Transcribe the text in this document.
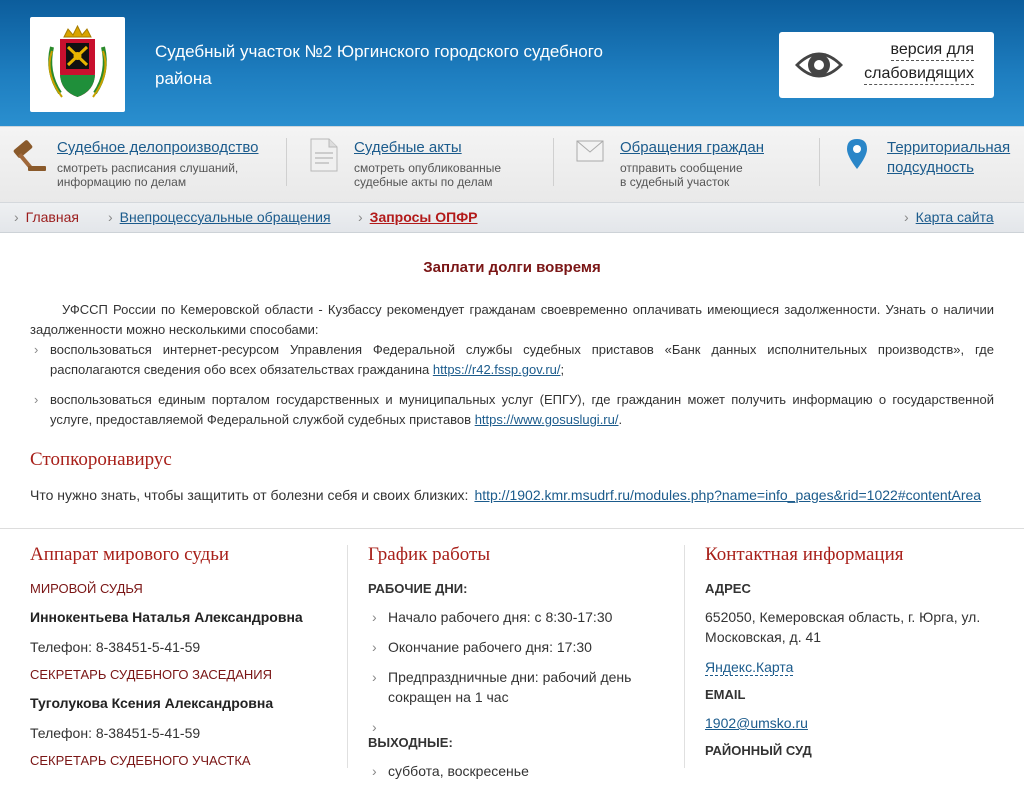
Судебный участок №2 Юргинского городского судебного района
версия для
слабовидящих
Судебное делопроизводство
смотреть расписания слушаний,
информацию по делам
Судебные акты
смотреть опубликованные
судебные акты по делам
Обращения граждан
отправить сообщение
в судебный участок
Территориальная
подсудность
› Главная › Внепроцессуальные обращения › Запросы ОПФР	› Карта сайта
Заплати долги вовремя
УФССП России по Кемеровской области - Кузбассу рекомендует гражданам своевременно оплачивать имеющиеся задолженности. Узнать о наличии задолженности можно несколькими способами:
› воспользоваться интернет-ресурсом Управления Федеральной службы судебных приставов «Банк данных исполнительных производств», где располагаются сведения обо всех обязательствах гражданина https://r42.fssp.gov.ru/;
› воспользоваться единым порталом государственных и муниципальных услуг (ЕПГУ), где гражданин может получить информацию о государственной услуге, предоставляемой Федеральной службой судебных приставов https://www.gosuslugi.ru/.
Стопкоронавирус
Что нужно знать, чтобы защитить от болезни себя и своих близких: http://1902.kmr.msudrf.ru/modules.php?name=info_pages&rid=1022#contentArea
Аппарат мирового судьи
МИРОВОЙ СУДЬЯ
Иннокентьева Наталья Александровна
Телефон: 8-38451-5-41-59
СЕКРЕТАРЬ СУДЕБНОГО ЗАСЕДАНИЯ
Туголукова Ксения Александровна
Телефон: 8-38451-5-41-59
СЕКРЕТАРЬ СУДЕБНОГО УЧАСТКА
График работы
РАБОЧИЕ ДНИ:
› Начало рабочего дня: с 8:30-17:30
› Окончание рабочего дня: 17:30
› Предпраздничные дни: рабочий день сокращен на 1 час
›
ВЫХОДНЫЕ:
› суббота, воскресенье
Контактная информация
АДРЕС
652050, Кемеровская область, г. Юрга, ул. Московская, д. 41
Яндекс.Карта
EMAIL
1902@umsko.ru
РАЙОННЫЙ СУД
